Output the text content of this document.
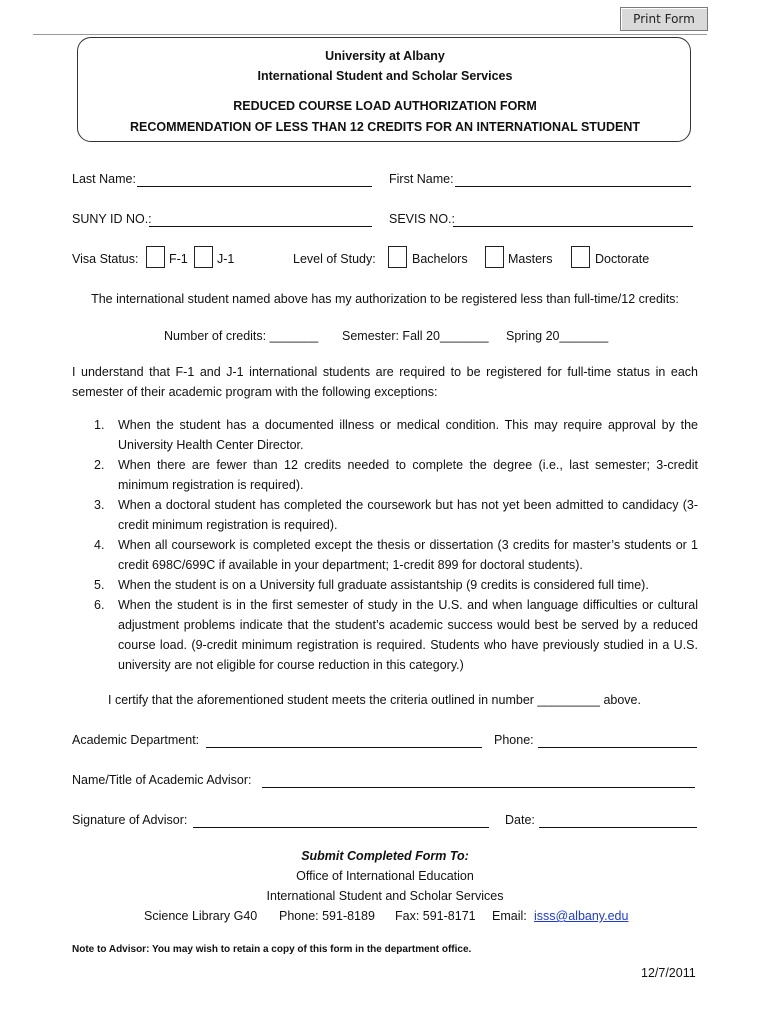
Print Form
University at Albany
International Student and Scholar Services
REDUCED COURSE LOAD AUTHORIZATION FORM
RECOMMENDATION OF LESS THAN 12 CREDITS FOR AN INTERNATIONAL STUDENT
Last Name:	First Name:
SUNY ID NO.:	SEVIS NO.:
Visa Status: F-1 J-1	Level of Study:	Bachelors	Masters	Doctorate
The international student named above has my authorization to be registered less than full-time/12 credits:
Number of credits: _______ Semester: Fall 20_______ Spring 20_______
I understand that F-1 and J-1 international students are required to be registered for full-time status in each semester of their academic program with the following exceptions:
1. When the student has a documented illness or medical condition. This may require approval by the University Health Center Director.
2. When there are fewer than 12 credits needed to complete the degree (i.e., last semester; 3-credit minimum registration is required).
3. When a doctoral student has completed the coursework but has not yet been admitted to candidacy (3-credit minimum registration is required).
4. When all coursework is completed except the thesis or dissertation (3 credits for master’s students or 1 credit 698C/699C if available in your department; 1-credit 899 for doctoral students).
5. When the student is on a University full graduate assistantship (9 credits is considered full time).
6. When the student is in the first semester of study in the U.S. and when language difficulties or cultural adjustment problems indicate that the student’s academic success would best be served by a reduced course load. (9-credit minimum registration is required. Students who have previously studied in a U.S. university are not eligible for course reduction in this category.)
I certify that the aforementioned student meets the criteria outlined in number _________ above.
Academic Department:	Phone:
Name/Title of Academic Advisor:
Signature of Advisor:	Date:
Submit Completed Form To:
Office of International Education
International Student and Scholar Services
Science Library G40 Phone: 591-8189 Fax: 591-8171 Email: isss@albany.edu
Note to Advisor: You may wish to retain a copy of this form in the department office.
12/7/2011
